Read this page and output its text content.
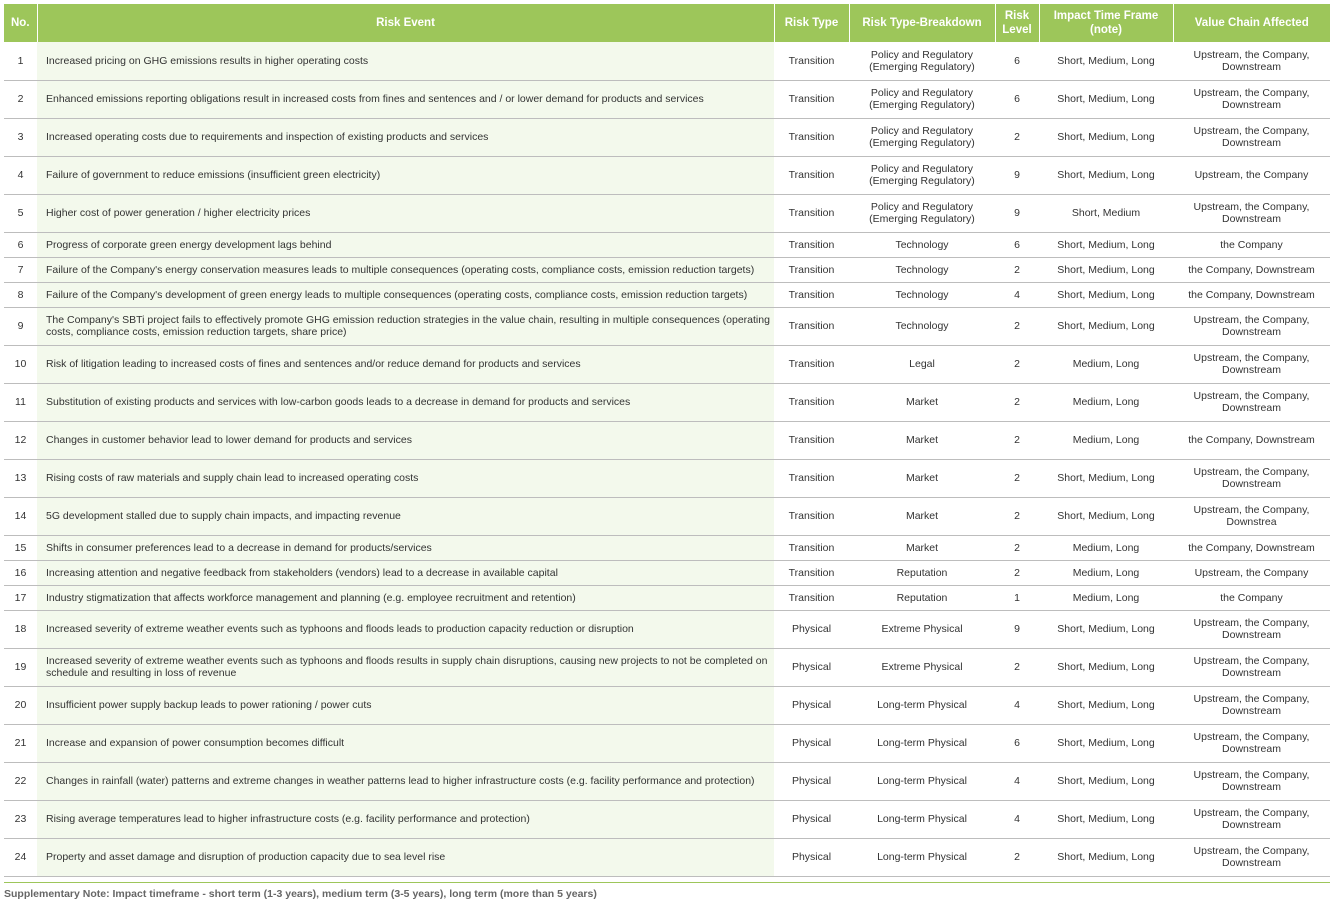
No.	Risk Event	Risk Type	Risk Type-Breakdown	Risk Level	Impact Time Frame (note)	Value Chain Affected
1	Increased pricing on GHG emissions results in higher operating costs	Transition	Policy and Regulatory (Emerging Regulatory)	6	Short, Medium, Long	Upstream, the Company, Downstream
2	Enhanced emissions reporting obligations result in increased costs from fines and sentences and / or lower demand for products and services	Transition	Policy and Regulatory (Emerging Regulatory)	6	Short, Medium, Long	Upstream, the Company, Downstream
3	Increased operating costs due to requirements and inspection of existing products and services	Transition	Policy and Regulatory (Emerging Regulatory)	2	Short, Medium, Long	Upstream, the Company, Downstream
4	Failure of government to reduce emissions (insufficient green electricity)	Transition	Policy and Regulatory (Emerging Regulatory)	9	Short, Medium, Long	Upstream, the Company
5	Higher cost of power generation / higher electricity prices	Transition	Policy and Regulatory (Emerging Regulatory)	9	Short, Medium	Upstream, the Company, Downstream
6	Progress of corporate green energy development lags behind	Transition	Technology	6	Short, Medium, Long	the Company
7	Failure of the Company's energy conservation measures leads to multiple consequences (operating costs, compliance costs, emission reduction targets)	Transition	Technology	2	Short, Medium, Long	the Company, Downstream
8	Failure of the Company's development of green energy leads to multiple consequences (operating costs, compliance costs, emission reduction targets)	Transition	Technology	4	Short, Medium, Long	the Company, Downstream
9	The Company's SBTi project fails to effectively promote GHG emission reduction strategies in the value chain, resulting in multiple consequences (operating costs, compliance costs, emission reduction targets, share price)	Transition	Technology	2	Short, Medium, Long	Upstream, the Company, Downstream
10	Risk of litigation leading to increased costs of fines and sentences and/or reduce demand for products and services	Transition	Legal	2	Medium, Long	Upstream, the Company, Downstream
11	Substitution of existing products and services with low-carbon goods leads to a decrease in demand for products and services	Transition	Market	2	Medium, Long	Upstream, the Company, Downstream
12	Changes in customer behavior lead to lower demand for products and services	Transition	Market	2	Medium, Long	the Company, Downstream
13	Rising costs of raw materials and supply chain lead to increased operating costs	Transition	Market	2	Short, Medium, Long	Upstream, the Company, Downstream
14	5G development stalled due to supply chain impacts, and impacting revenue	Transition	Market	2	Short, Medium, Long	Upstream, the Company, Downstrea
15	Shifts in consumer preferences lead to a decrease in demand for products/services	Transition	Market	2	Medium, Long	the Company, Downstream
16	Increasing attention and negative feedback from stakeholders (vendors) lead to a decrease in available capital	Transition	Reputation	2	Medium, Long	Upstream, the Company
17	Industry stigmatization that affects workforce management and planning (e.g. employee recruitment and retention)	Transition	Reputation	1	Medium, Long	the Company
18	Increased severity of extreme weather events such as typhoons and floods leads to production capacity reduction or disruption	Physical	Extreme Physical	9	Short, Medium, Long	Upstream, the Company, Downstream
19	Increased severity of extreme weather events such as typhoons and floods results in supply chain disruptions, causing new projects to not be completed on schedule and resulting in loss of revenue	Physical	Extreme Physical	2	Short, Medium, Long	Upstream, the Company, Downstream
20	Insufficient power supply backup leads to power rationing / power cuts	Physical	Long-term Physical	4	Short, Medium, Long	Upstream, the Company, Downstream
21	Increase and expansion of power consumption becomes difficult	Physical	Long-term Physical	6	Short, Medium, Long	Upstream, the Company, Downstream
22	Changes in rainfall (water) patterns and extreme changes in weather patterns lead to higher infrastructure costs (e.g. facility performance and protection)	Physical	Long-term Physical	4	Short, Medium, Long	Upstream, the Company, Downstream
23	Rising average temperatures lead to higher infrastructure costs (e.g. facility performance and protection)	Physical	Long-term Physical	4	Short, Medium, Long	Upstream, the Company, Downstream
24	Property and asset damage and disruption of production capacity due to sea level rise	Physical	Long-term Physical	2	Short, Medium, Long	Upstream, the Company, Downstream
Supplementary Note: Impact timeframe - short term (1-3 years), medium term (3-5 years), long term (more than 5 years)
